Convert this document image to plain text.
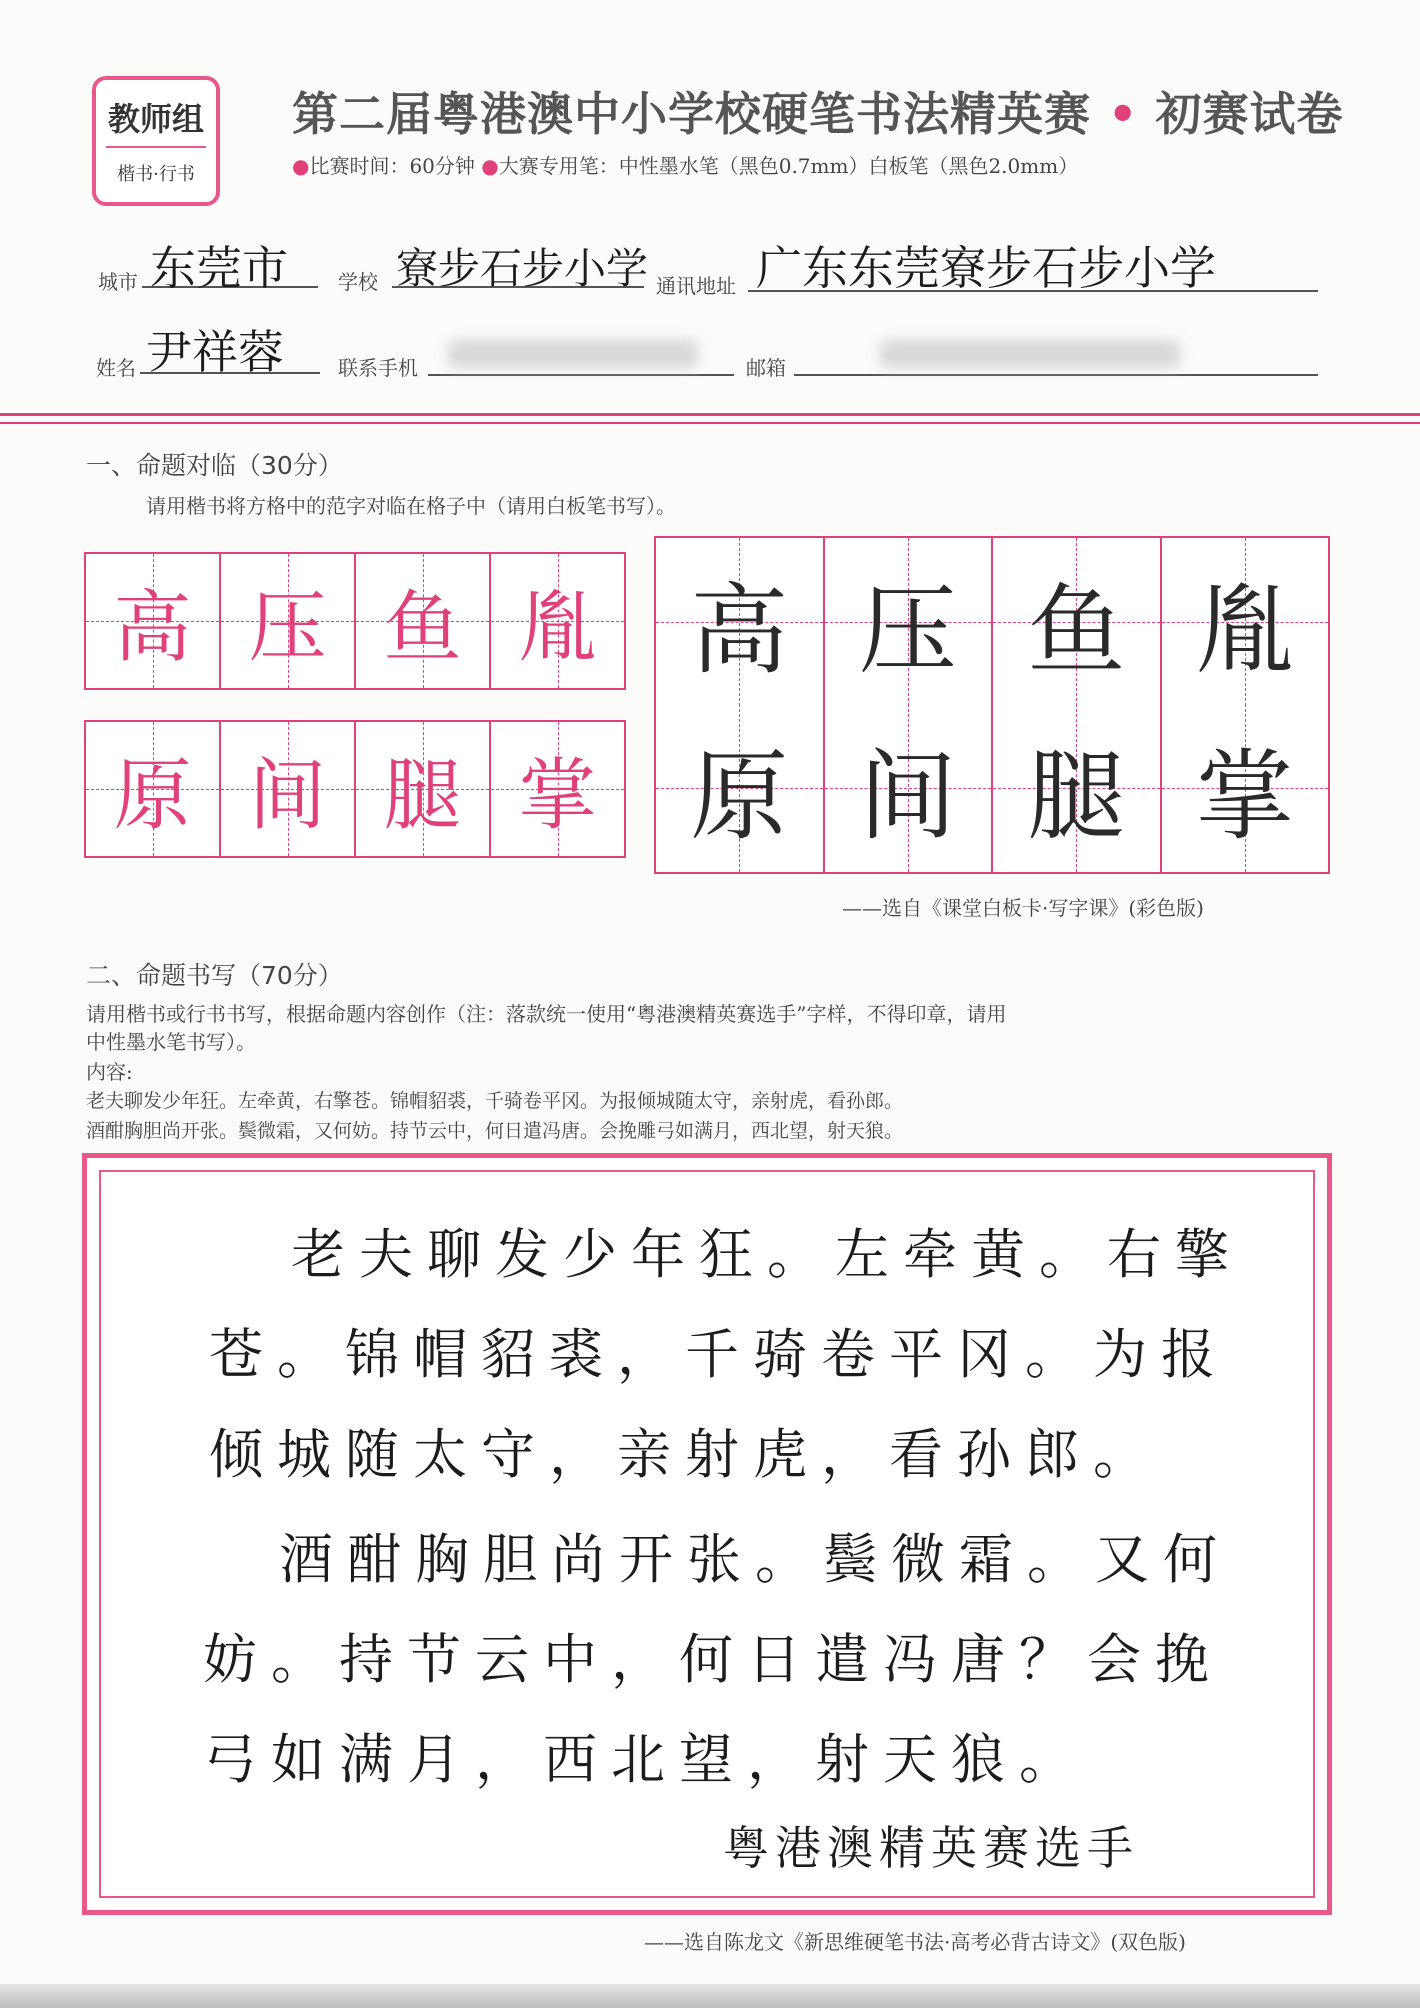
教师组
楷书·行书
第二届粤港澳中小学校硬笔书法精英赛 • 初赛试卷
●比赛时间：60分钟 ●大赛专用笔：中性墨水笔（黑色0.7mm）白板笔（黑色2.0mm）
城市 东莞市	学校 寮步石步小学 通讯地址 广东东莞寮步石步小学
姓名 尹祥蓉	联系手机	邮箱
一、命题对临（30分）
请用楷书将方格中的范字对临在格子中（请用白板笔书写）。
高 压 鱼 胤
原 间 腿 掌
高 压 鱼 胤
原 间 腿 掌
——选自《课堂白板卡·写字课》(彩色版)
二、命题书写（70分）
请用楷书或行书书写，根据命题内容创作（注：落款统一使用“粤港澳精英赛选手”字样，不得印章，请用
中性墨水笔书写）。
内容:
老夫聊发少年狂。左牵黄，右擎苍。锦帽貂裘，千骑卷平冈。为报倾城随太守，亲射虎，看孙郎。
酒酣胸胆尚开张。鬓微霜，又何妨。持节云中，何日遣冯唐。会挽雕弓如满月，西北望，射天狼。
老夫聊发少年狂。左牵黄。右擎
苍。锦帽貂裘，千骑卷平冈。为报
倾城随太守，亲射虎，看孙郎。
酒酣胸胆尚开张。鬓微霜。又何
妨。持节云中，何日遣冯唐？会挽
弓如满月，西北望，射天狼。
粤港澳精英赛选手
——选自陈龙文《新思维硬笔书法·高考必背古诗文》(双色版)
